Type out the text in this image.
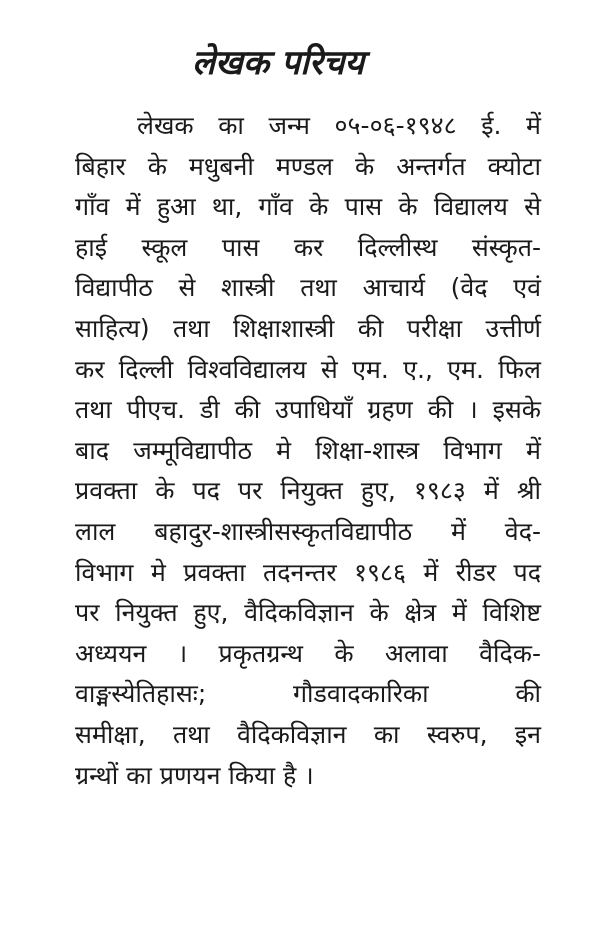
लेखक परिचय
लेखक का जन्म ०५-०६-१९४८ ई. में
बिहार के मधुबनी मण्डल के अन्तर्गत क्योटा
गाँव में हुआ था, गाँव के पास के विद्यालय से
हाई स्कूल पास कर दिल्लीस्थ संस्कृत-
विद्यापीठ से शास्त्री तथा आचार्य (वेद एवं
साहित्य) तथा शिक्षाशास्त्री की परीक्षा उत्तीर्ण
कर दिल्ली विश्वविद्यालय से एम. ए., एम. फिल
तथा पीएच. डी की उपाधियाँ ग्रहण की । इसके
बाद जम्मूविद्यापीठ मे शिक्षा-शास्त्र विभाग में
प्रवक्ता के पद पर नियुक्त हुए, १९८३ में श्री
लाल बहादुर-शास्त्रीसस्कृतविद्यापीठ में वेद-
विभाग मे प्रवक्ता तदनन्तर १९८६ में रीडर पद
पर नियुक्त हुए, वैदिकविज्ञान के क्षेत्र में विशिष्ट
अध्ययन । प्रकृतग्रन्थ के अलावा वैदिक-
वाङ्मस्येतिहासः; गौडवादकारिका की
समीक्षा, तथा वैदिकविज्ञान का स्वरुप, इन
ग्रन्थों का प्रणयन किया है ।
